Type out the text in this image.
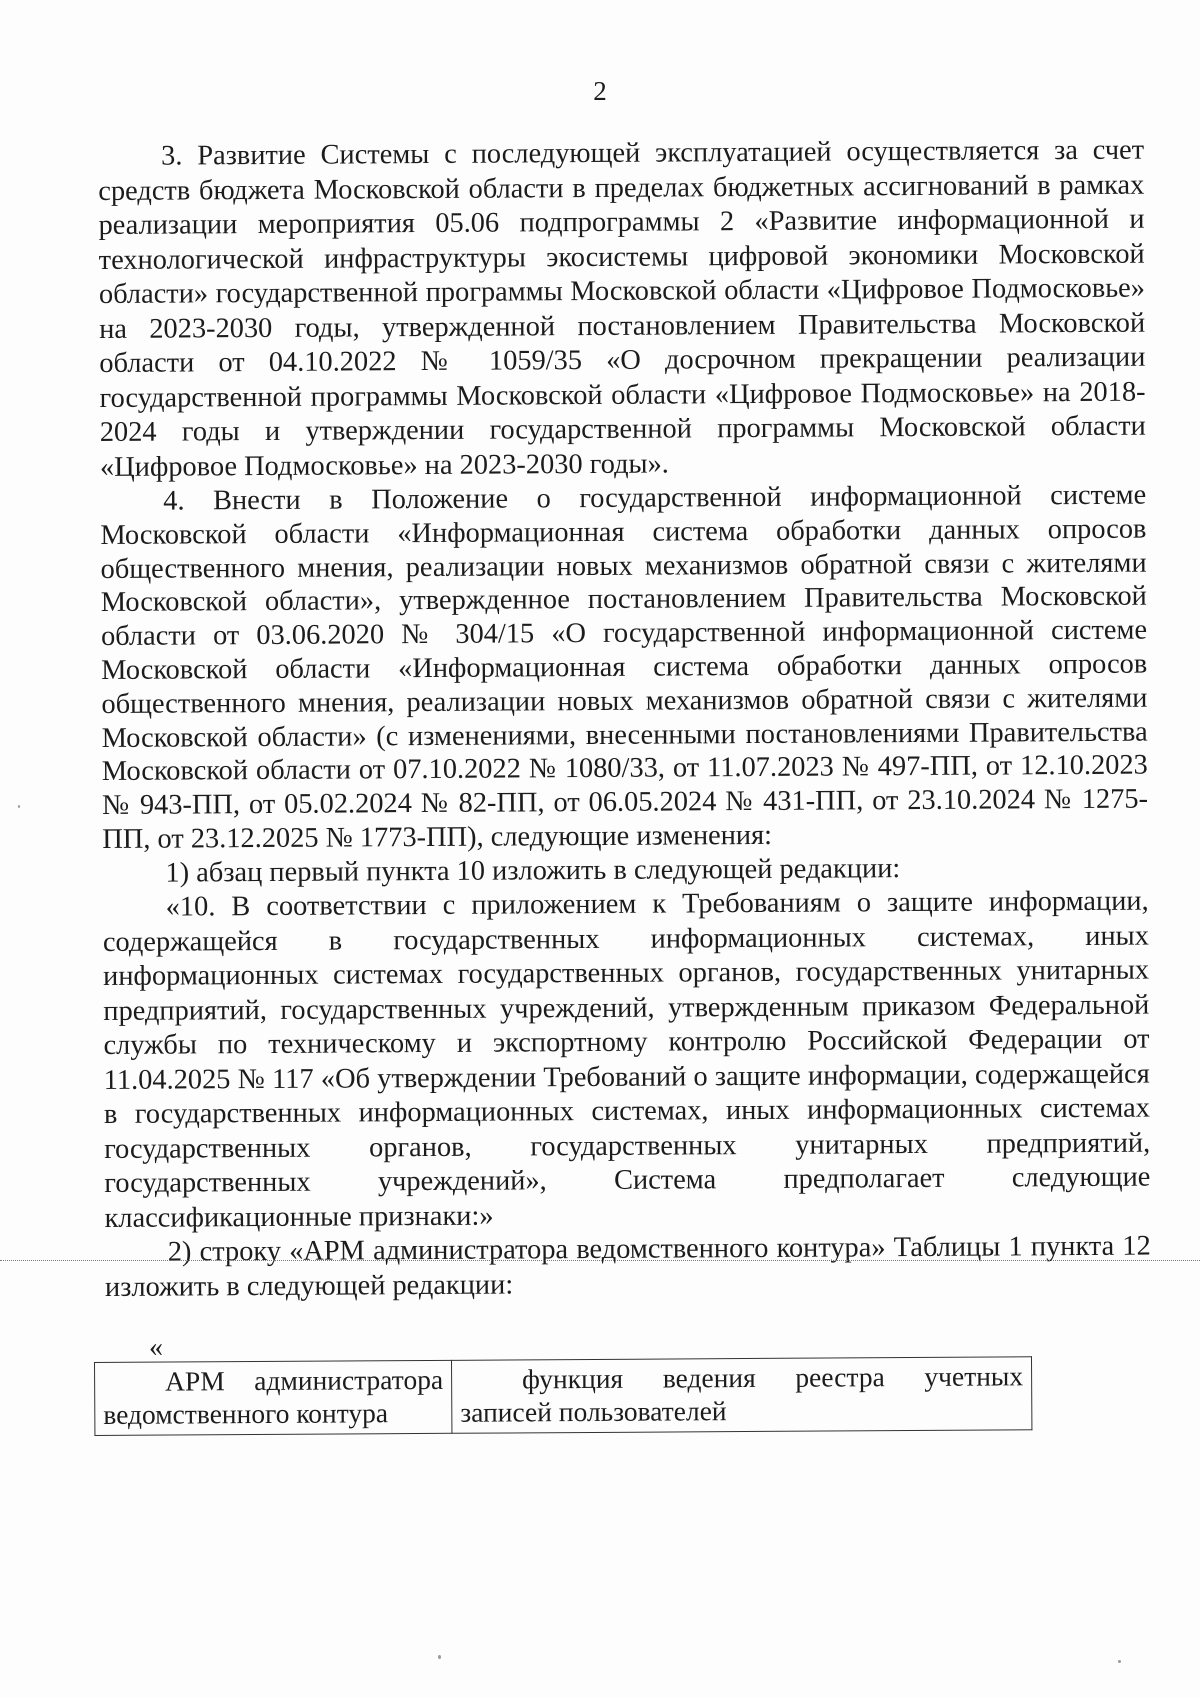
2

3. Развитие Системы с последующей эксплуатацией осуществляется за счет средств бюджета Московской области в пределах бюджетных ассигнований в рамках реализации мероприятия 05.06 подпрограммы 2 «Развитие информационной и технологической инфраструктуры экосистемы цифровой экономики Московской области» государственной программы Московской области «Цифровое Подмосковье» на 2023-2030 годы, утвержденной постановлением Правительства Московской области от 04.10.2022 № 1059/35 «О досрочном прекращении реализации государственной программы Московской области «Цифровое Подмосковье» на 2018-2024 годы и утверждении государственной программы Московской области «Цифровое Подмосковье» на 2023-2030 годы».

4. Внести в Положение о государственной информационной системе Московской области «Информационная система обработки данных опросов общественного мнения, реализации новых механизмов обратной связи с жителями Московской области», утвержденное постановлением Правительства Московской области от 03.06.2020 № 304/15 «О государственной информационной системе Московской области «Информационная система обработки данных опросов общественного мнения, реализации новых механизмов обратной связи с жителями Московской области» (с изменениями, внесенными постановлениями Правительства Московской области от 07.10.2022 № 1080/33, от 11.07.2023 № 497-ПП, от 12.10.2023 № 943-ПП, от 05.02.2024 № 82-ПП, от 06.05.2024 № 431-ПП, от 23.10.2024 № 1275-ПП, от 23.12.2025 № 1773-ПП), следующие изменения:

1) абзац первый пункта 10 изложить в следующей редакции:

«10. В соответствии с приложением к Требованиям о защите информации, содержащейся в государственных информационных системах, иных информационных системах государственных органов, государственных унитарных предприятий, государственных учреждений, утвержденным приказом Федеральной службы по техническому и экспортному контролю Российской Федерации от 11.04.2025 № 117 «Об утверждении Требований о защите информации, содержащейся в государственных информационных системах, иных информационных системах государственных органов, государственных унитарных предприятий, государственных учреждений», Система предполагает следующие классификационные признаки:»

2) строку «АРМ администратора ведомственного контура» Таблицы 1 пункта 12 изложить в следующей редакции:

«
АРМ администратора ведомственного контура	функция ведения реестра учетных записей пользователей
